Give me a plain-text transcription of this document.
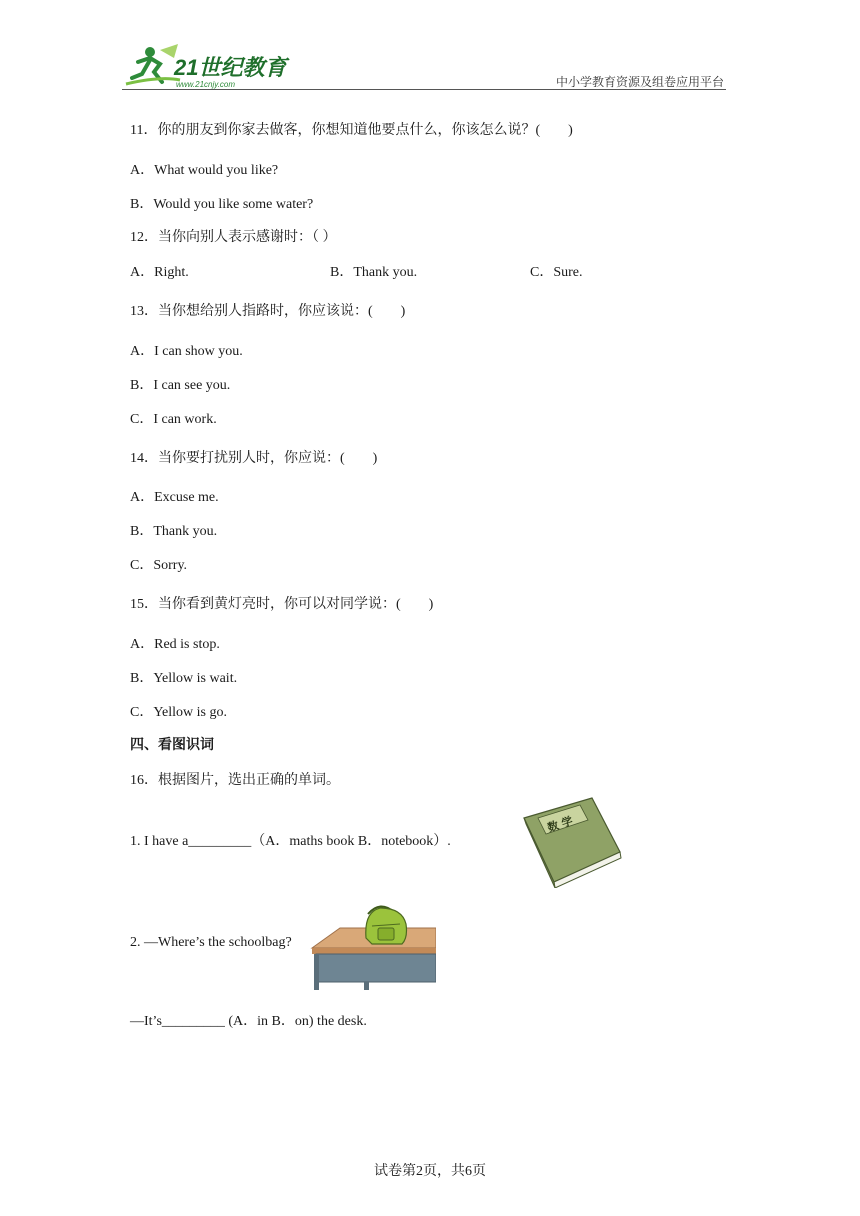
21世纪教育
www.21cnjy.com	中小学教育资源及组卷应用平台
11．你的朋友到你家去做客，你想知道他要点什么，你该怎么说？(　　)
A．What would you like?
B．Would you like some water?
12．当你向别人表示感谢时：（ ）
A．Right.	B．Thank you.	C．Sure.
13．当你想给别人指路时，你应该说：(　　)
A．I can show you.
B．I can see you.
C．I can work.
14．当你要打扰别人时，你应说：(　　)
A．Excuse me.
B．Thank you.
C．Sorry.
15．当你看到黄灯亮时，你可以对同学说：(　　)
A．Red is stop.
B．Yellow is wait.
C．Yellow is go.
四、看图识词
16．根据图片，选出正确的单词。
1. I have a_________（A．maths book B．notebook）.
数 学
2. —Where’s the schoolbag?
—It’s_________ (A．in B．on) the desk.
试卷第2页，共6页
